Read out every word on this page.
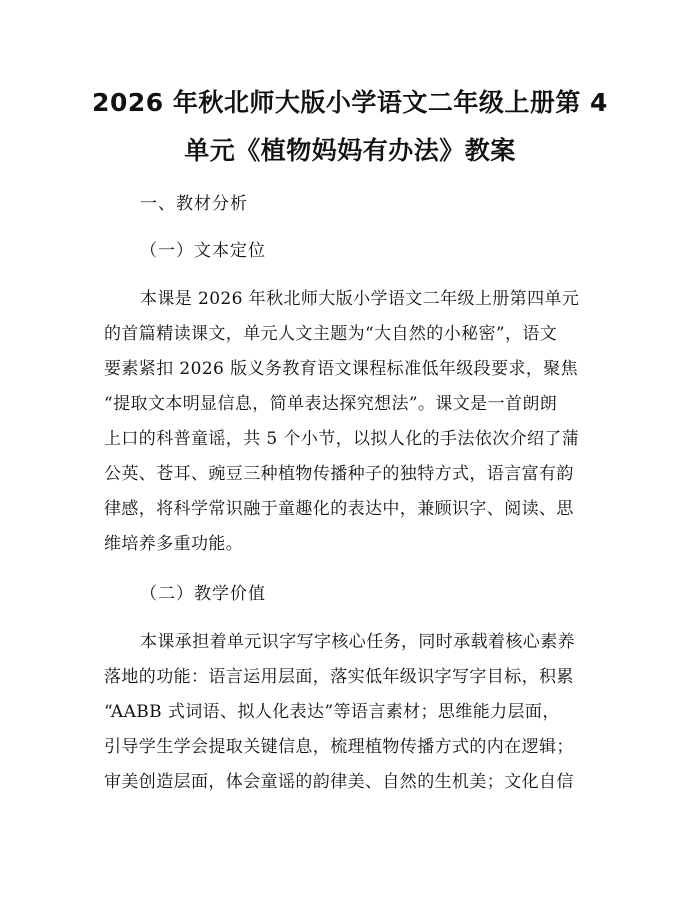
2026 年秋北师大版小学语文二年级上册第 4
单元《植物妈妈有办法》教案
一、教材分析
（一）文本定位
本课是 2026 年秋北师大版小学语文二年级上册第四单元
的首篇精读课文，单元人文主题为“大自然的小秘密”，语文
要素紧扣 2026 版义务教育语文课程标准低年级段要求，聚焦
“提取文本明显信息，简单表达探究想法”。课文是一首朗朗
上口的科普童谣，共 5 个小节，以拟人化的手法依次介绍了蒲
公英、苍耳、豌豆三种植物传播种子的独特方式，语言富有韵
律感，将科学常识融于童趣化的表达中，兼顾识字、阅读、思
维培养多重功能。
（二）教学价值
本课承担着单元识字写字核心任务，同时承载着核心素养
落地的功能：语言运用层面，落实低年级识字写字目标，积累
“AABB 式词语、拟人化表达”等语言素材；思维能力层面，
引导学生学会提取关键信息，梳理植物传播方式的内在逻辑；
审美创造层面，体会童谣的韵律美、自然的生机美；文化自信
